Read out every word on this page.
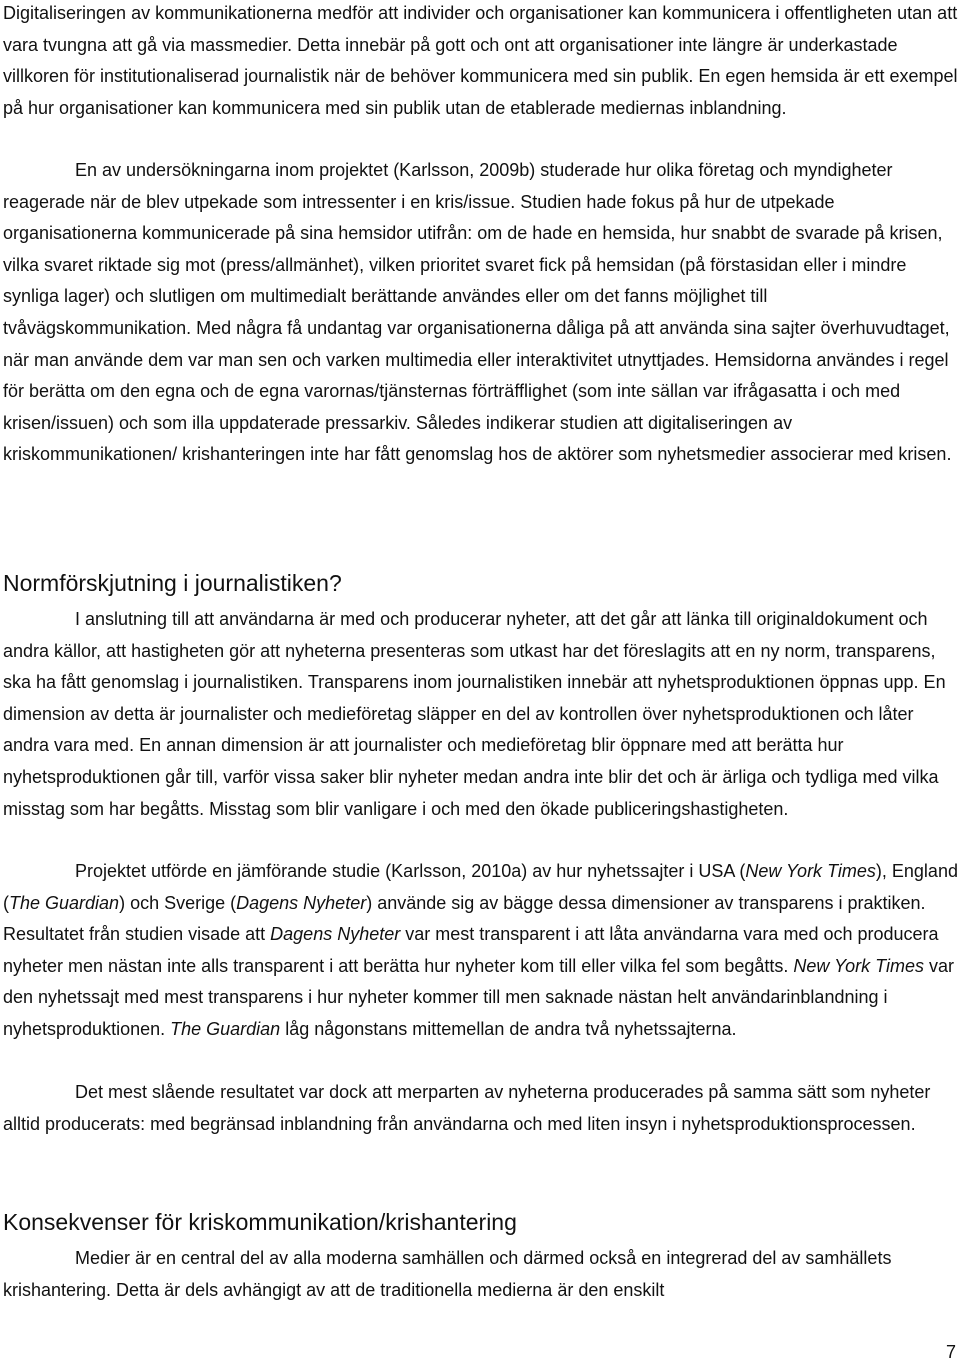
Digitaliseringen av kommunikationerna medför att individer och organisationer kan kommunicera i offentligheten utan att vara tvungna att gå via massmedier. Detta innebär på gott och ont att organisationer inte längre är underkastade villkoren för institutionaliserad journalistik när de behöver kommunicera med sin publik. En egen hemsida är ett exempel på hur organisationer kan kommunicera med sin publik utan de etablerade mediernas inblandning.

En av undersökningarna inom projektet (Karlsson, 2009b) studerade hur olika företag och myndigheter reagerade när de blev utpekade som intressenter i en kris/issue. Studien hade fokus på hur de utpekade organisationerna kommunicerade på sina hemsidor utifrån: om de hade en hemsida, hur snabbt de svarade på krisen, vilka svaret riktade sig mot (press/allmänhet), vilken prioritet svaret fick på hemsidan (på förstasidan eller i mindre synliga lager) och slutligen om multimedialt berättande användes eller om det fanns möjlighet till tvåvägskommunikation. Med några få undantag var organisationerna dåliga på att använda sina sajter överhuvudtaget, när man använde dem var man sen och varken multimedia eller interaktivitet utnyttjades. Hemsidorna användes i regel för berätta om den egna och de egna varornas/tjänsternas förträfflighet (som inte sällan var ifrågasatta i och med krisen/issuen) och som illa uppdaterade pressarkiv. Således indikerar studien att digitaliseringen av kriskommunikationen/ krishanteringen inte har fått genomslag hos de aktörer som nyhetsmedier associerar med krisen.

Normförskjutning i journalistiken?

I anslutning till att användarna är med och producerar nyheter, att det går att länka till originaldokument och andra källor, att hastigheten gör att nyheterna presenteras som utkast har det föreslagits att en ny norm, transparens, ska ha fått genomslag i journalistiken. Transparens inom journalistiken innebär att nyhetsproduktionen öppnas upp. En dimension av detta är journalister och medieföretag släpper en del av kontrollen över nyhetsproduktionen och låter andra vara med. En annan dimension är att journalister och medieföretag blir öppnare med att berätta hur nyhetsproduktionen går till, varför vissa saker blir nyheter medan andra inte blir det och är ärliga och tydliga med vilka misstag som har begåtts. Misstag som blir vanligare i och med den ökade publiceringshastigheten.

Projektet utförde en jämförande studie (Karlsson, 2010a) av hur nyhetssajter i USA (New York Times), England (The Guardian) och Sverige (Dagens Nyheter) använde sig av bägge dessa dimensioner av transparens i praktiken. Resultatet från studien visade att Dagens Nyheter var mest transparent i att låta användarna vara med och producera nyheter men nästan inte alls transparent i att berätta hur nyheter kom till eller vilka fel som begåtts. New York Times var den nyhetssajt med mest transparens i hur nyheter kommer till men saknade nästan helt användarinblandning i nyhetsproduktionen. The Guardian låg någonstans mittemellan de andra två nyhetssajterna.

Det mest slående resultatet var dock att merparten av nyheterna producerades på samma sätt som nyheter alltid producerats: med begränsad inblandning från användarna och med liten insyn i nyhetsproduktionsprocessen.

Konsekvenser för kriskommunikation/krishantering

Medier är en central del av alla moderna samhällen och därmed också en integrerad del av samhällets krishantering. Detta är dels avhängigt av att de traditionella medierna är den enskilt

7
